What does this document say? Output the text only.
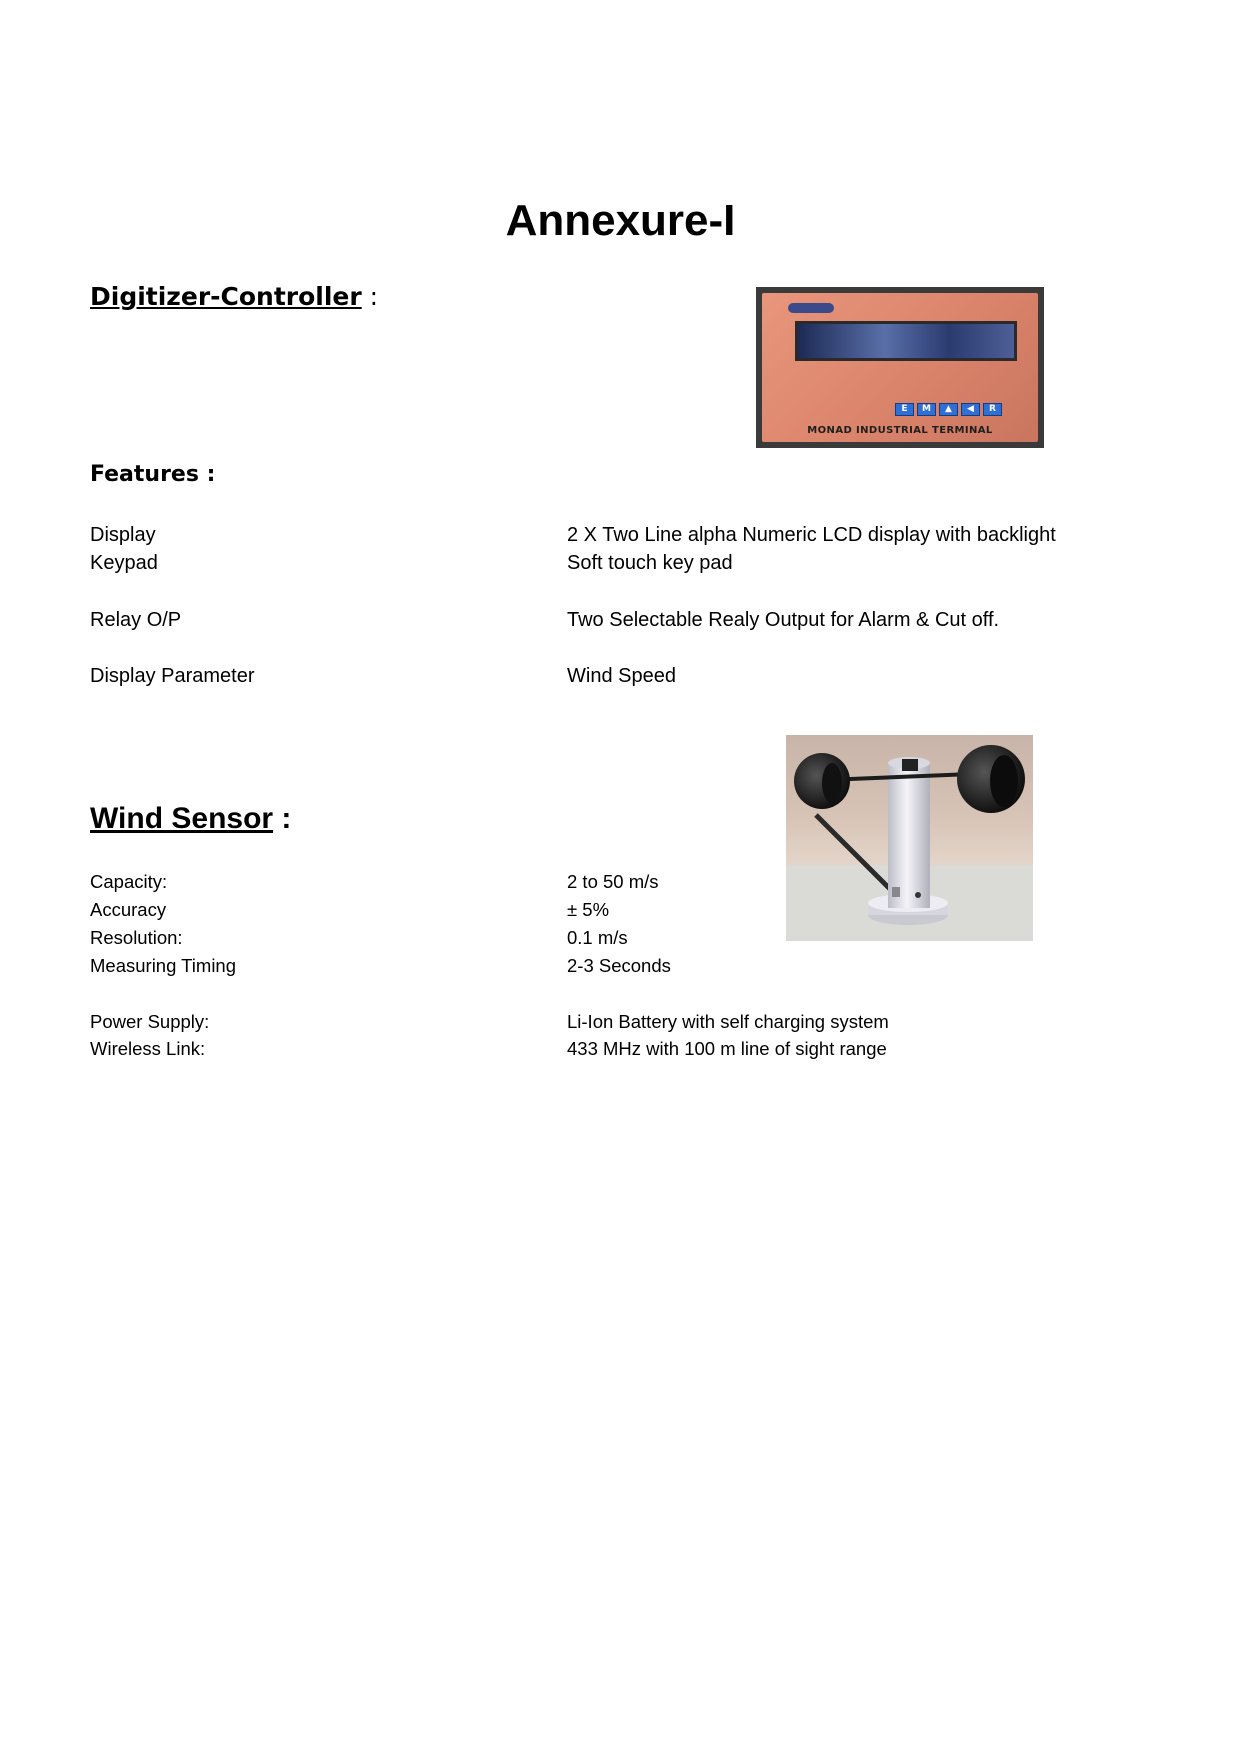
Annexure-I
Digitizer-Controller :
E	M	▲	◀	R
MONAD INDUSTRIAL TERMINAL
Features :
Display	2 X Two Line alpha Numeric LCD display with backlight
Keypad	Soft touch key pad
Relay O/P	Two Selectable Realy Output for Alarm & Cut off.
Display Parameter	Wind Speed
Wind Sensor :
Capacity:	2 to 50 m/s
Accuracy	± 5%
Resolution:	0.1 m/s
Measuring Timing	2-3 Seconds
Power Supply:	Li-Ion Battery with self charging system
Wireless Link:	433 MHz with 100 m line of sight range
